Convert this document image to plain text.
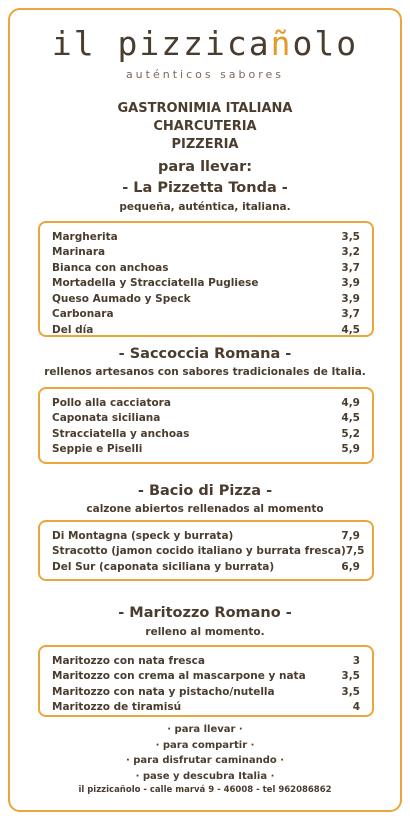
il pizzicañolo
auténticos sabores
GASTRONIMIA ITALIANA
CHARCUTERIA
PIZZERIA
para llevar:
- La Pizzetta Tonda -
pequeña, auténtica, italiana.
Margherita	3,5
Marinara	3,2
Bianca con anchoas	3,7
Mortadella y Stracciatella Pugliese	3,9
Queso Aumado y Speck	3,9
Carbonara	3,7
Del día	4,5
- Saccoccia Romana -
rellenos artesanos con sabores tradicionales de Italia.
Pollo alla cacciatora	4,9
Caponata siciliana	4,5
Stracciatella y anchoas	5,2
Seppie e Piselli	5,9
- Bacio di Pizza -
calzone abiertos rellenados al momento
Di Montagna (speck y burrata)	7,9
Stracotto (jamon cocido italiano y burrata fresca) 7,5
Del Sur (caponata siciliana y burrata)	6,9
- Maritozzo Romano -
relleno al momento.
Maritozzo con nata fresca	3
Maritozzo con crema al mascarpone y nata	3,5
Maritozzo con nata y pistacho/nutella	3,5
Maritozzo de tiramisú	4
· para llevar ·
· para compartir ·
· para disfrutar caminando ·
· pase y descubra Italia ·
il pizzicañolo - calle marvá 9 - 46008 - tel 962086862
